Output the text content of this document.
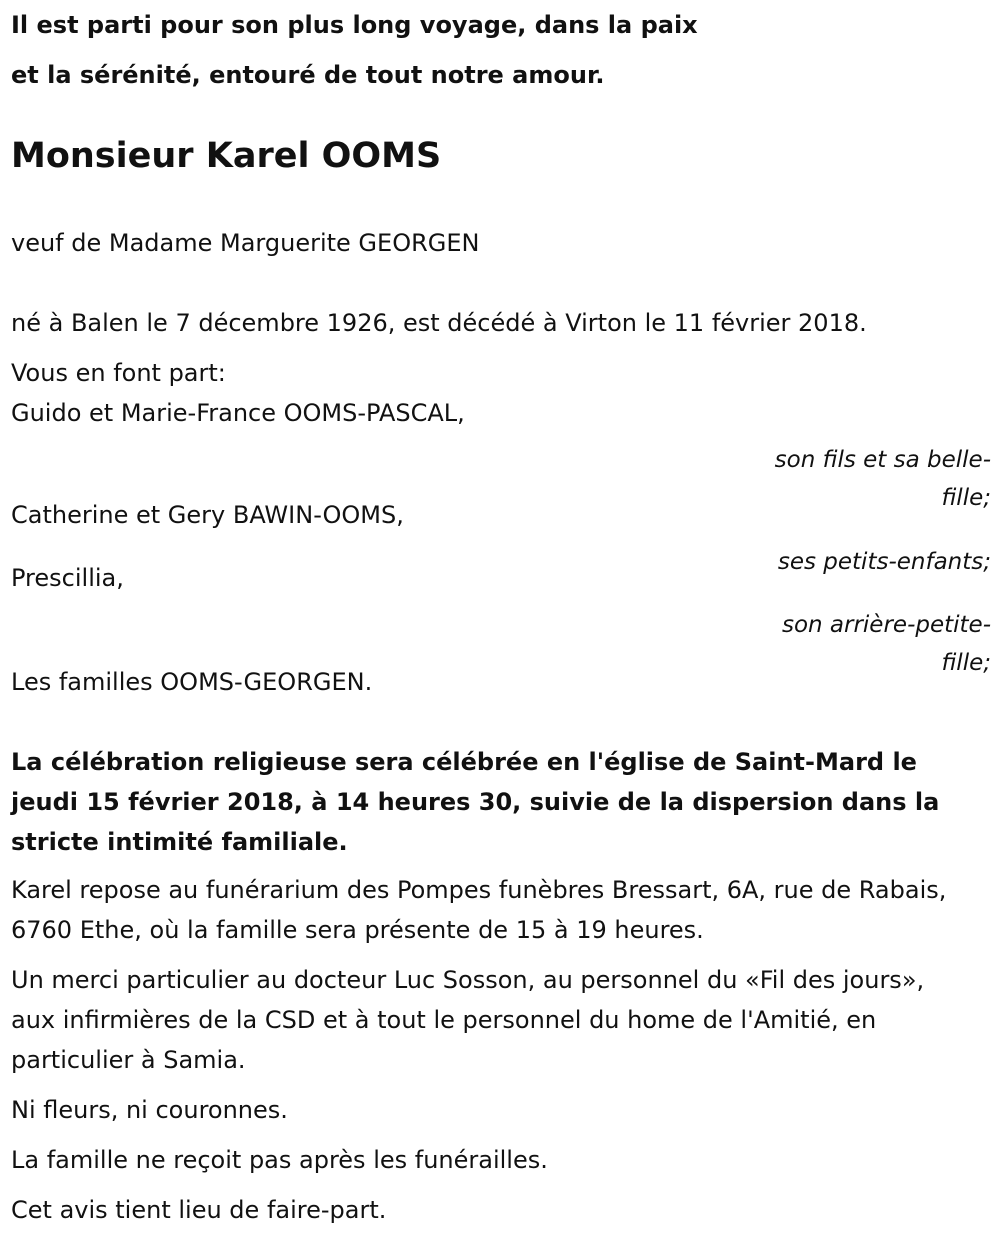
Il est parti pour son plus long voyage, dans la paix

et la sérénité, entouré de tout notre amour.

Monsieur Karel OOMS

veuf de Madame Marguerite GEORGEN

né à Balen le 7 décembre 1926, est décédé à Virton le 11 février 2018.

Vous en font part:

Guido et Marie-France OOMS-PASCAL,

son fils et sa belle-fille;

Catherine et Gery BAWIN-OOMS,

ses petits-enfants;

Prescillia,

son arrière-petite-fille;

Les familles OOMS-GEORGEN.

La célébration religieuse sera célébrée en l'église de Saint-Mard le jeudi 15 février 2018, à 14 heures 30, suivie de la dispersion dans la stricte intimité familiale.

Karel repose au funérarium des Pompes funèbres Bressart, 6A, rue de Rabais, 6760 Ethe, où la famille sera présente de 15 à 19 heures.

Un merci particulier au docteur Luc Sosson, au personnel du «Fil des jours», aux infirmières de la CSD et à tout le personnel du home de l'Amitié, en particulier à Samia.

Ni fleurs, ni couronnes.

La famille ne reçoit pas après les funérailles.

Cet avis tient lieu de faire-part.
